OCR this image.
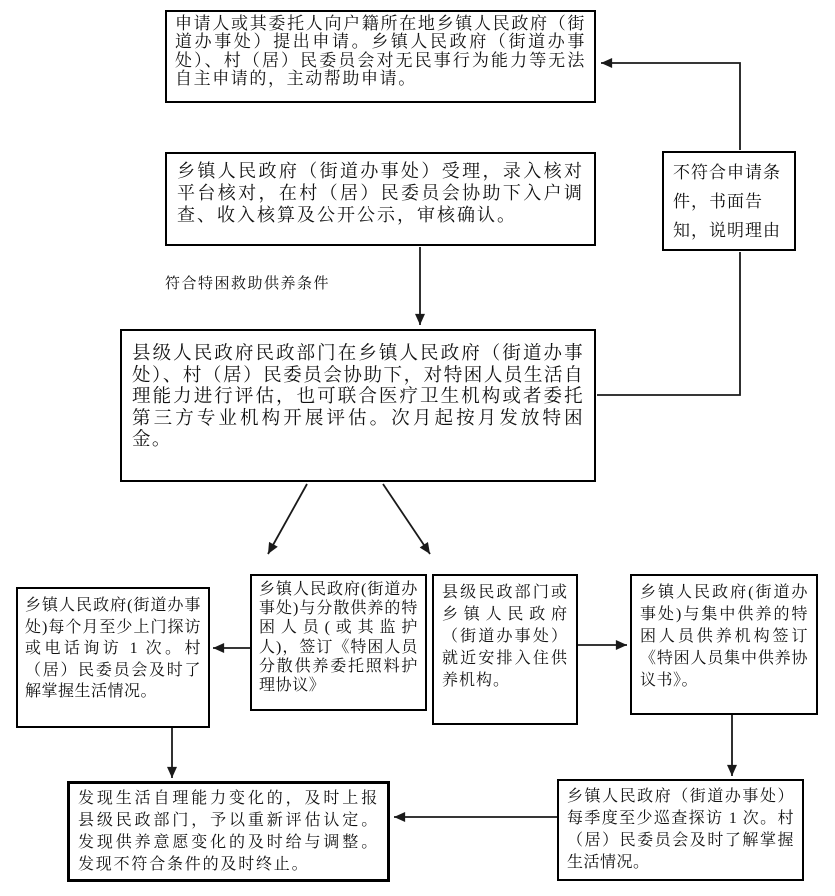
申请人或其委托人向户籍所在地乡镇人民政府（街道办事处）提出申请。乡镇人民政府（街道办事处）、村（居）民委员会对无民事行为能力等无法自主申请的，主动帮助申请。
乡镇人民政府（街道办事处）受理，录入核对平台核对，在村（居）民委员会协助下入户调查、收入核算及公开公示，审核确认。
不符合申请条件，书面告知，说明理由
符合特困救助供养条件
县级人民政府民政部门在乡镇人民政府（街道办事处）、村（居）民委员会协助下，对特困人员生活自理能力进行评估，也可联合医疗卫生机构或者委托第三方专业机构开展评估。次月起按月发放特困金。
乡镇人民政府(街道办事处)每个月至少上门探访或电话询访 1 次。村（居）民委员会及时了解掌握生活情况。
乡镇人民政府(街道办事处)与分散供养的特困人员(或其监护人)，签订《特困人员分散供养委托照料护理协议》
县级民政部门或乡镇人民政府（街道办事处）就近安排入住供养机构。
乡镇人民政府(街道办事处)与集中供养的特困人员供养机构签订《特困人员集中供养协议书》。
发现生活自理能力变化的，及时上报县级民政部门，予以重新评估认定。发现供养意愿变化的及时给与调整。发现不符合条件的及时终止。
乡镇人民政府（街道办事处）每季度至少巡查探访 1 次。村（居）民委员会及时了解掌握生活情况。
